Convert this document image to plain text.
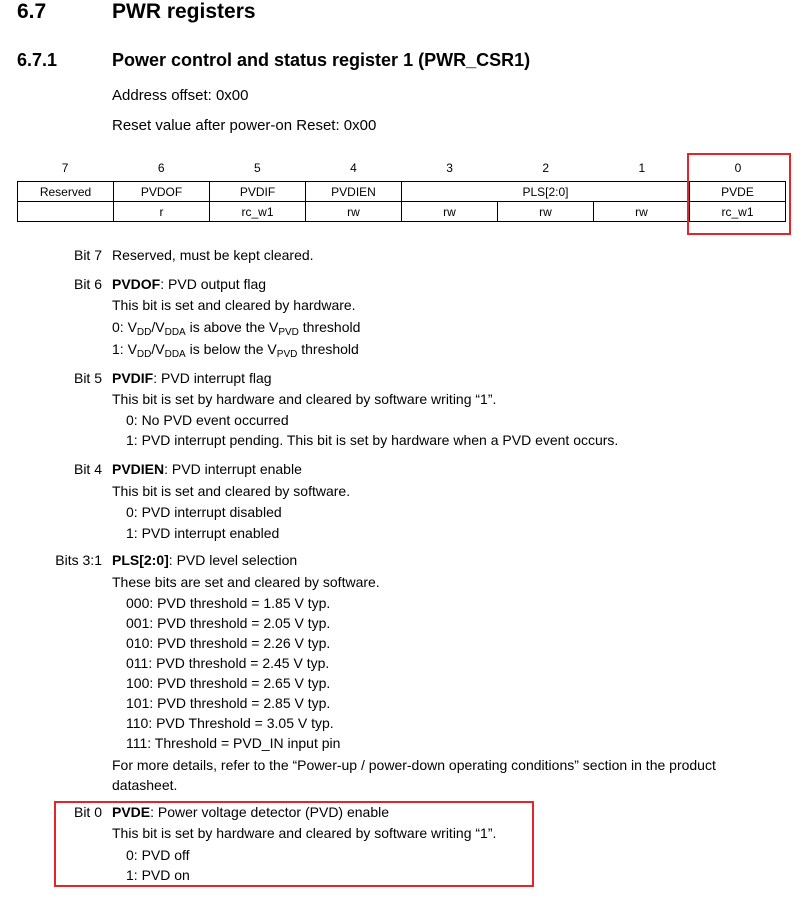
6.7	PWR registers
6.7.1	Power control and status register 1 (PWR_CSR1)
Address offset: 0x00
Reset value after power-on Reset: 0x00
7	6	5	4	3	2	1	0
Reserved	PVDOF	PVDIF	PVDIEN	PLS[2:0]			PVDE
	r	rc_w1	rw	rw	rw	rw	rc_w1
Bit 7 Reserved, must be kept cleared.
Bit 6 PVDOF: PVD output flag
This bit is set and cleared by hardware.
0: $V_{DD}/V_{DDA}$ is above the $V_{PVD}$ threshold
1: $V_{DD}/V_{DDA}$ is below the $V_{PVD}$ threshold
Bit 5 PVDIF: PVD interrupt flag
This bit is set by hardware and cleared by software writing “1”.
0: No PVD event occurred
1: PVD interrupt pending. This bit is set by hardware when a PVD event occurs.
Bit 4 PVDIEN: PVD interrupt enable
This bit is set and cleared by software.
0: PVD interrupt disabled
1: PVD interrupt enabled
Bits 3:1 PLS[2:0]: PVD level selection
These bits are set and cleared by software.
000: PVD threshold = 1.85 V typ.
001: PVD threshold = 2.05 V typ.
010: PVD threshold = 2.26 V typ.
011: PVD threshold = 2.45 V typ.
100: PVD threshold = 2.65 V typ.
101: PVD threshold = 2.85 V typ.
110: PVD Threshold = 3.05 V typ.
111: Threshold = PVD_IN input pin
For more details, refer to the “Power-up / power-down operating conditions” section in the product
datasheet.
Bit 0 PVDE: Power voltage detector (PVD) enable
This bit is set by hardware and cleared by software writing “1”.
0: PVD off
1: PVD on
